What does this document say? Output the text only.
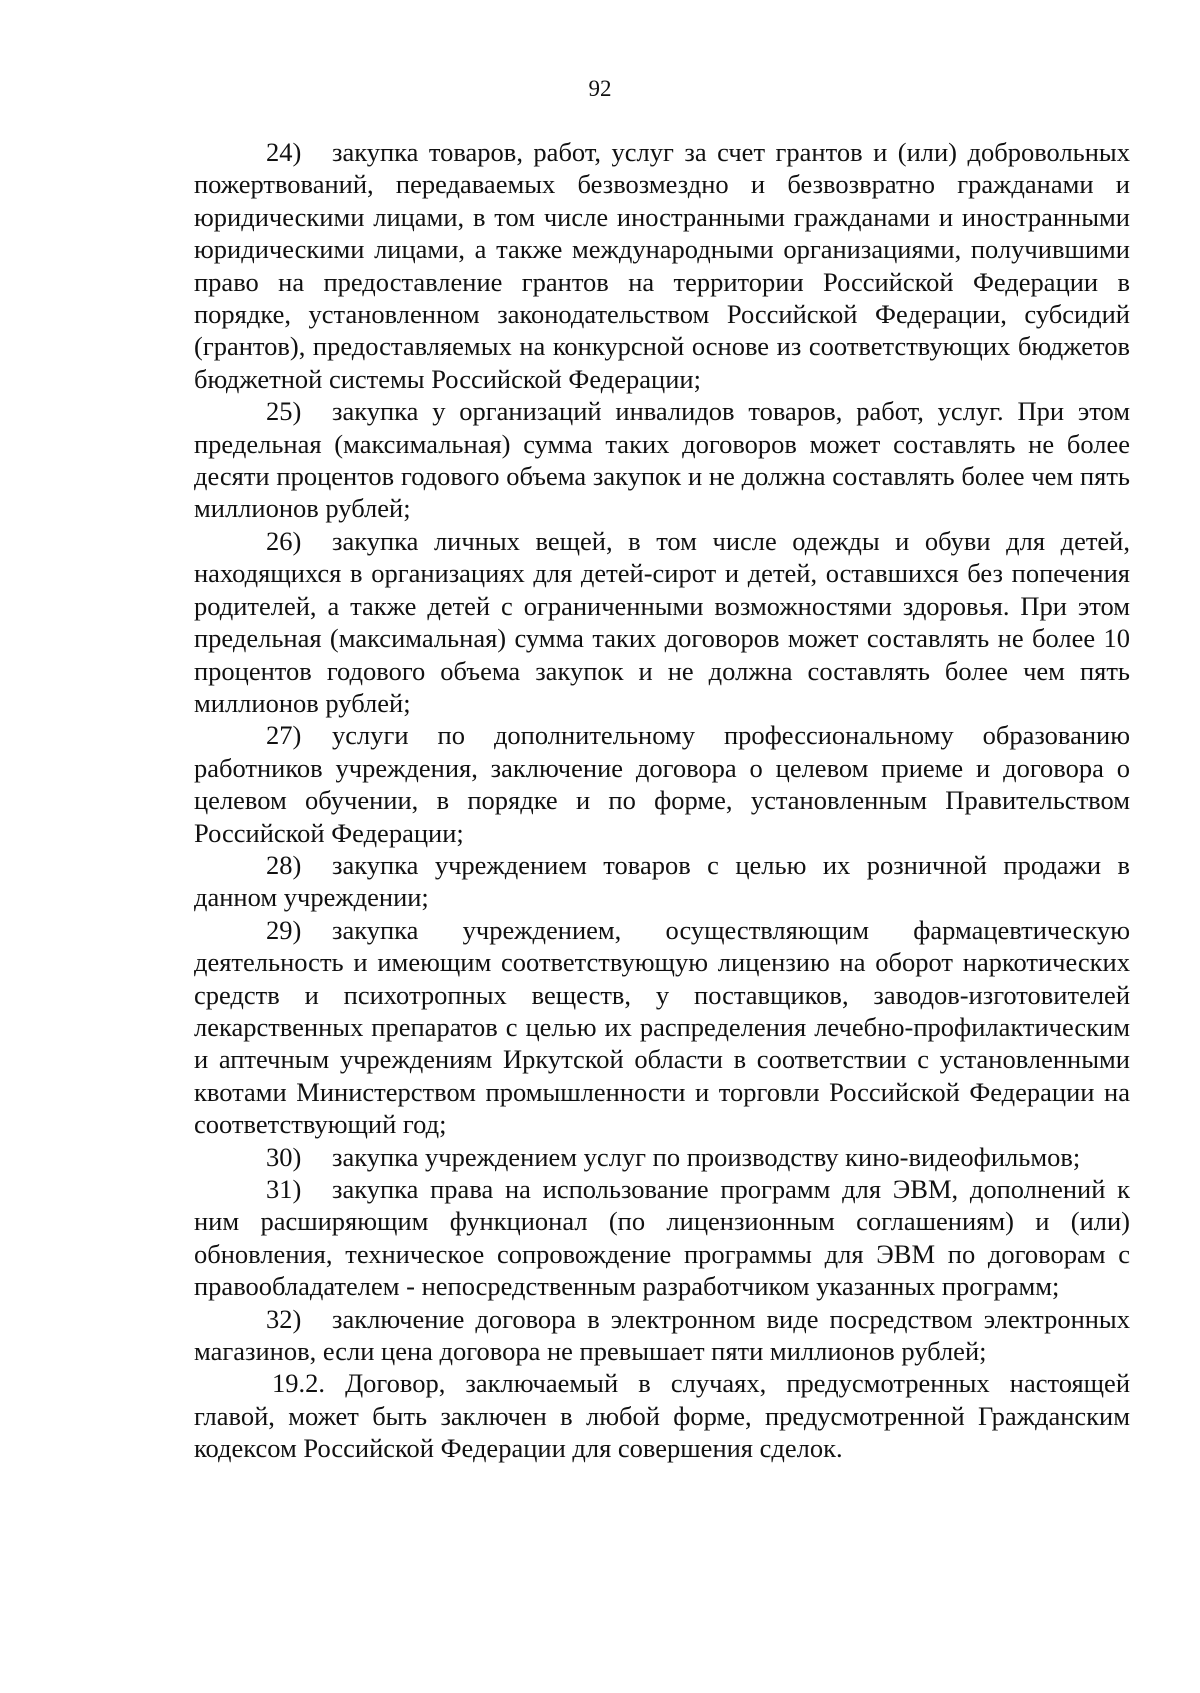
92

24) закупка товаров, работ, услуг за счет грантов и (или) добровольных пожертвований, передаваемых безвозмездно и безвозвратно гражданами и юридическими лицами, в том числе иностранными гражданами и иностранными юридическими лицами, а также международными организациями, получившими право на предоставление грантов на территории Российской Федерации в порядке, установленном законодательством Российской Федерации, субсидий (грантов), предоставляемых на конкурсной основе из соответствующих бюджетов бюджетной системы Российской Федерации;

25) закупка у организаций инвалидов товаров, работ, услуг. При этом предельная (максимальная) сумма таких договоров может составлять не более десяти процентов годового объема закупок и не должна составлять более чем пять миллионов рублей;

26) закупка личных вещей, в том числе одежды и обуви для детей, находящихся в организациях для детей-сирот и детей, оставшихся без попечения родителей, а также детей с ограниченными возможностями здоровья. При этом предельная (максимальная) сумма таких договоров может составлять не более 10 процентов годового объема закупок и не должна составлять более чем пять миллионов рублей;

27) услуги по дополнительному профессиональному образованию работников учреждения, заключение договора о целевом приеме и договора о целевом обучении, в порядке и по форме, установленным Правительством Российской Федерации;

28) закупка учреждением товаров с целью их розничной продажи в данном учреждении;

29) закупка учреждением, осуществляющим фармацевтическую деятельность и имеющим соответствующую лицензию на оборот наркотических средств и психотропных веществ, у поставщиков, заводов-изготовителей лекарственных препаратов с целью их распределения лечебно-профилактическим и аптечным учреждениям Иркутской области в соответствии с установленными квотами Министерством промышленности и торговли Российской Федерации на соответствующий год;

30) закупка учреждением услуг по производству кино-видеофильмов;

31) закупка права на использование программ для ЭВМ, дополнений к ним расширяющим функционал (по лицензионным соглашениям) и (или) обновления, техническое сопровождение программы для ЭВМ по договорам с правообладателем - непосредственным разработчиком указанных программ;

32) заключение договора в электронном виде посредством электронных магазинов, если цена договора не превышает пяти миллионов рублей;

19.2. Договор, заключаемый в случаях, предусмотренных настоящей главой, может быть заключен в любой форме, предусмотренной Гражданским кодексом Российской Федерации для совершения сделок.
